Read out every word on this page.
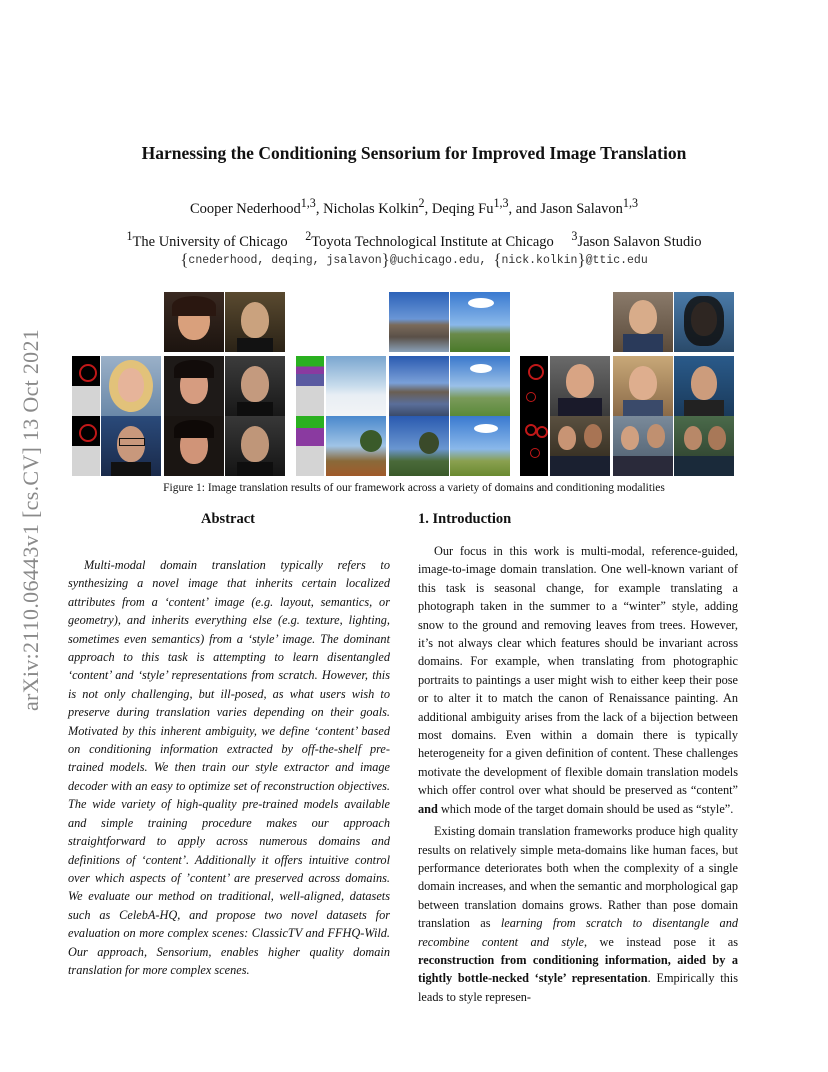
Harnessing the Conditioning Sensorium for Improved Image Translation
Cooper Nederhood$^{1,3}$, Nicholas Kolkin$^2$, Deqing Fu$^{1,3}$, and Jason Salavon$^{1,3}$
$^1$The University of Chicago $^2$Toyota Technological Institute at Chicago $^3$Jason Salavon Studio
{cnederhood, deqing, jsalavon}@uchicago.edu, {nick.kolkin}@ttic.edu
arXiv:2110.06443v1 [cs.CV] 13 Oct 2021	Figure 1: Image translation results of our framework across a variety of domains and conditioning modalities
Abstract
Multi-modal domain translation typically refers to synthesizing a novel image that inherits certain localized attributes from a ‘content’ image (e.g. layout, semantics, or geometry), and inherits everything else (e.g. texture, lighting, sometimes even semantics) from a ‘style’ image. The dominant approach to this task is attempting to learn disentangled ‘content’ and ‘style’ representations from scratch. However, this is not only challenging, but ill-posed, as what users wish to preserve during translation varies depending on their goals. Motivated by this inherent ambiguity, we define ‘content’ based on conditioning information extracted by off-the-shelf pre-trained models. We then train our style extractor and image decoder with an easy to optimize set of reconstruction objectives. The wide variety of high-quality pre-trained models available and simple training procedure makes our approach straightforward to apply across numerous domains and definitions of ‘content’. Additionally it offers intuitive control over which aspects of ’content’ are preserved across domains. We evaluate our method on traditional, well-aligned, datasets such as CelebA-HQ, and propose two novel datasets for evaluation on more complex scenes: ClassicTV and FFHQ-Wild. Our approach, Sensorium, enables higher quality domain translation for more complex scenes.
1. Introduction

Our focus in this work is multi-modal, reference-guided, image-to-image domain translation. One well-known variant of this task is seasonal change, for example translating a photograph taken in the summer to a “winter” style, adding snow to the ground and removing leaves from trees. However, it’s not always clear which features should be invariant across domains. For example, when translating from photographic portraits to paintings a user might wish to either keep their pose or to alter it to match the canon of Renaissance painting. An additional ambiguity arises from the lack of a bijection between most domains. Even within a domain there is typically heterogeneity for a given definition of content. These challenges motivate the development of flexible domain translation models which offer control over what should be preserved as “content” and which mode of the target domain should be used as “style”.

Existing domain translation frameworks produce high quality results on relatively simple meta-domains like human faces, but performance deteriorates both when the complexity of a single domain increases, and when the semantic and morphological gap between translation domains grows. Rather than pose domain translation as learning from scratch to disentangle and recombine content and style, we instead pose it as reconstruction from conditioning information, aided by a tightly bottle-necked ‘style’ representation. Empirically this leads to style represen-
